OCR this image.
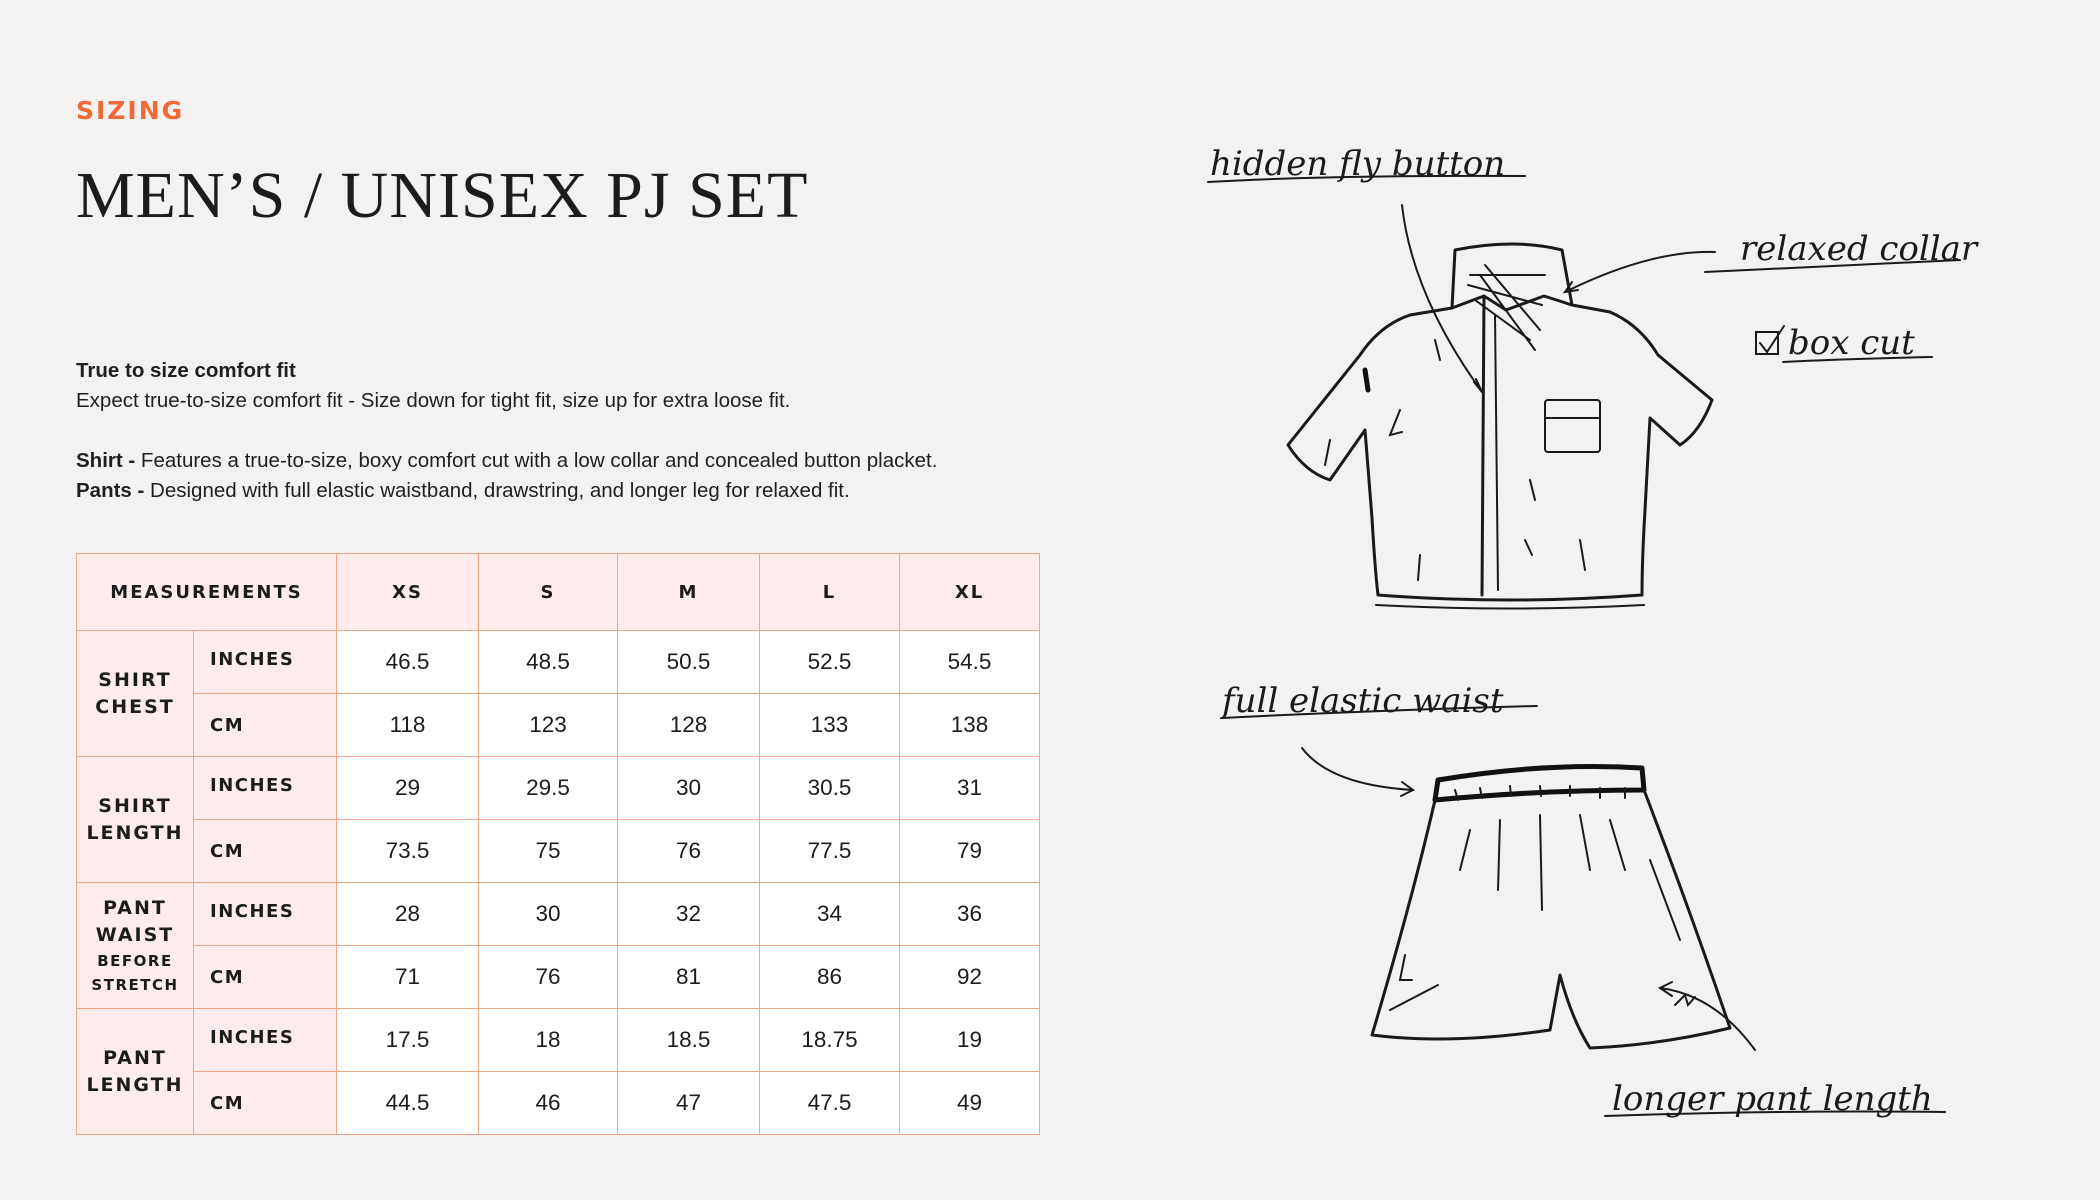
SIZING
MEN’S / UNISEX PJ SET

True to size comfort fit

Expect true-to-size comfort fit - Size down for tight fit, size up for extra loose fit.

Shirt - Features a true-to-size, boxy comfort cut with a low collar and concealed button placket.

Pants - Designed with full elastic waistband, drawstring, and longer leg for relaxed fit.

MEASUREMENTS		XS	S	M	L	XL

SHIRT
CHEST	INCHES	46.5	48.5	50.5	52.5	54.5
	CM	118	123	128	133	138

SHIRT
LENGTH	INCHES	29	29.5	30	30.5	31
	CM	73.5	75	76	77.5	79

PANT
WAIST
BEFORE
STRETCH	INCHES	28	30	32	34	36
	CM	71	76	81	86	92

PANT
LENGTH	INCHES	17.5	18	18.5	18.75	19
	CM	44.5	46	47	47.5	49
hidden fly button
relaxed collar
box cut
full elastic waist
longer pant length
